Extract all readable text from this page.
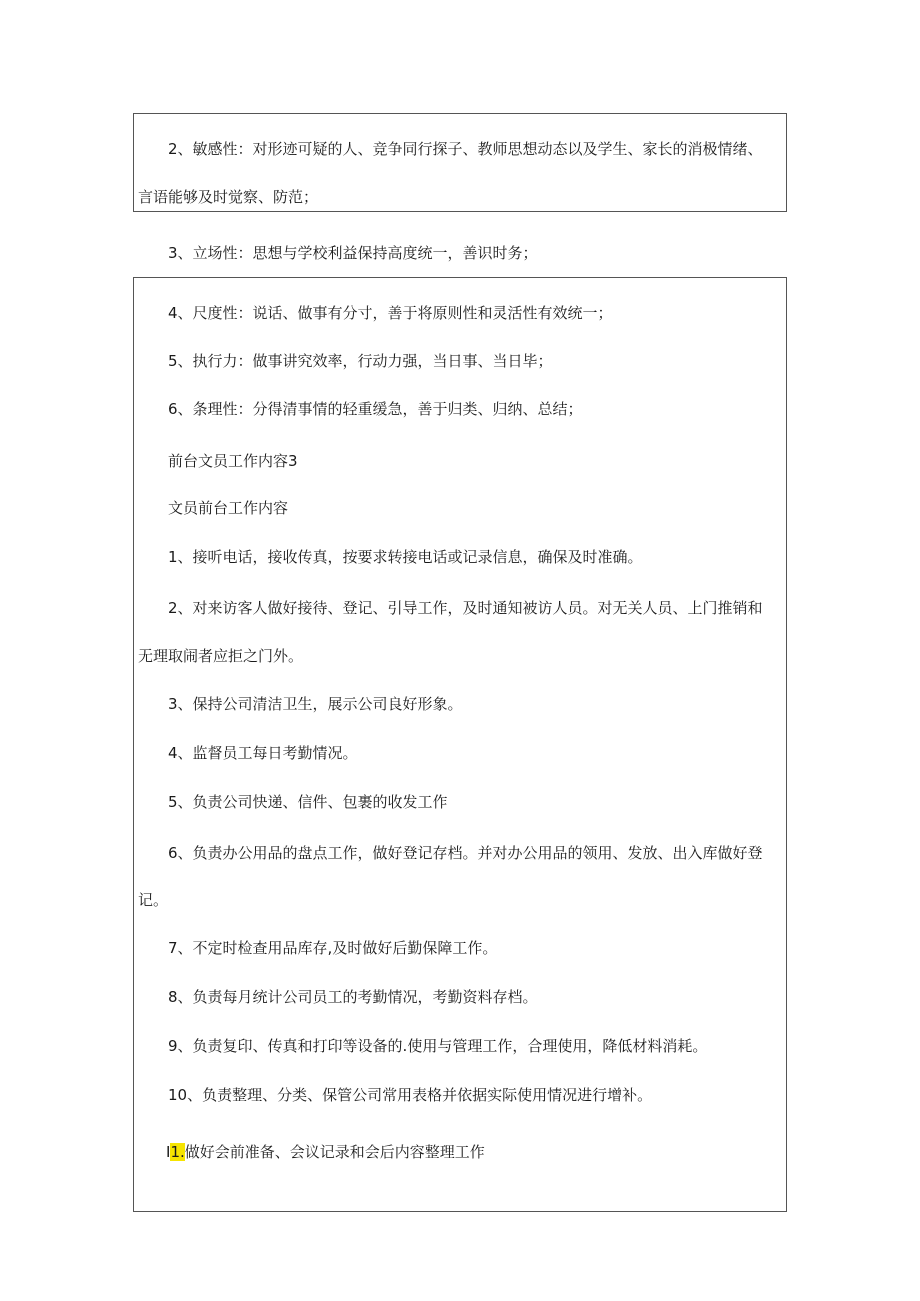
2、敏感性：对形迹可疑的人、竞争同行探子、教师思想动态以及学生、家长的消极情绪、
言语能够及时觉察、防范；
3、立场性：思想与学校利益保持高度统一，善识时务；
4、尺度性：说话、做事有分寸，善于将原则性和灵活性有效统一；
5、执行力：做事讲究效率，行动力强，当日事、当日毕；
6、条理性：分得清事情的轻重缓急，善于归类、归纳、总结；
前台文员工作内容3
文员前台工作内容
1、接听电话，接收传真，按要求转接电话或记录信息，确保及时准确。
2、对来访客人做好接待、登记、引导工作，及时通知被访人员。对无关人员、上门推销和
无理取闹者应拒之门外。
3、保持公司清洁卫生，展示公司良好形象。
4、监督员工每日考勤情况。
5、负责公司快递、信件、包裹的收发工作
6、负责办公用品的盘点工作，做好登记存档。并对办公用品的领用、发放、出入库做好登
记。
7、不定时检查用品库存,及时做好后勤保障工作。
8、负责每月统计公司员工的考勤情况，考勤资料存档。
9、负责复印、传真和打印等设备的.使用与管理工作，合理使用，降低材料消耗。
10、负责整理、分类、保管公司常用表格并依据实际使用情况进行增补。
I1.做好会前准备、会议记录和会后内容整理工作
